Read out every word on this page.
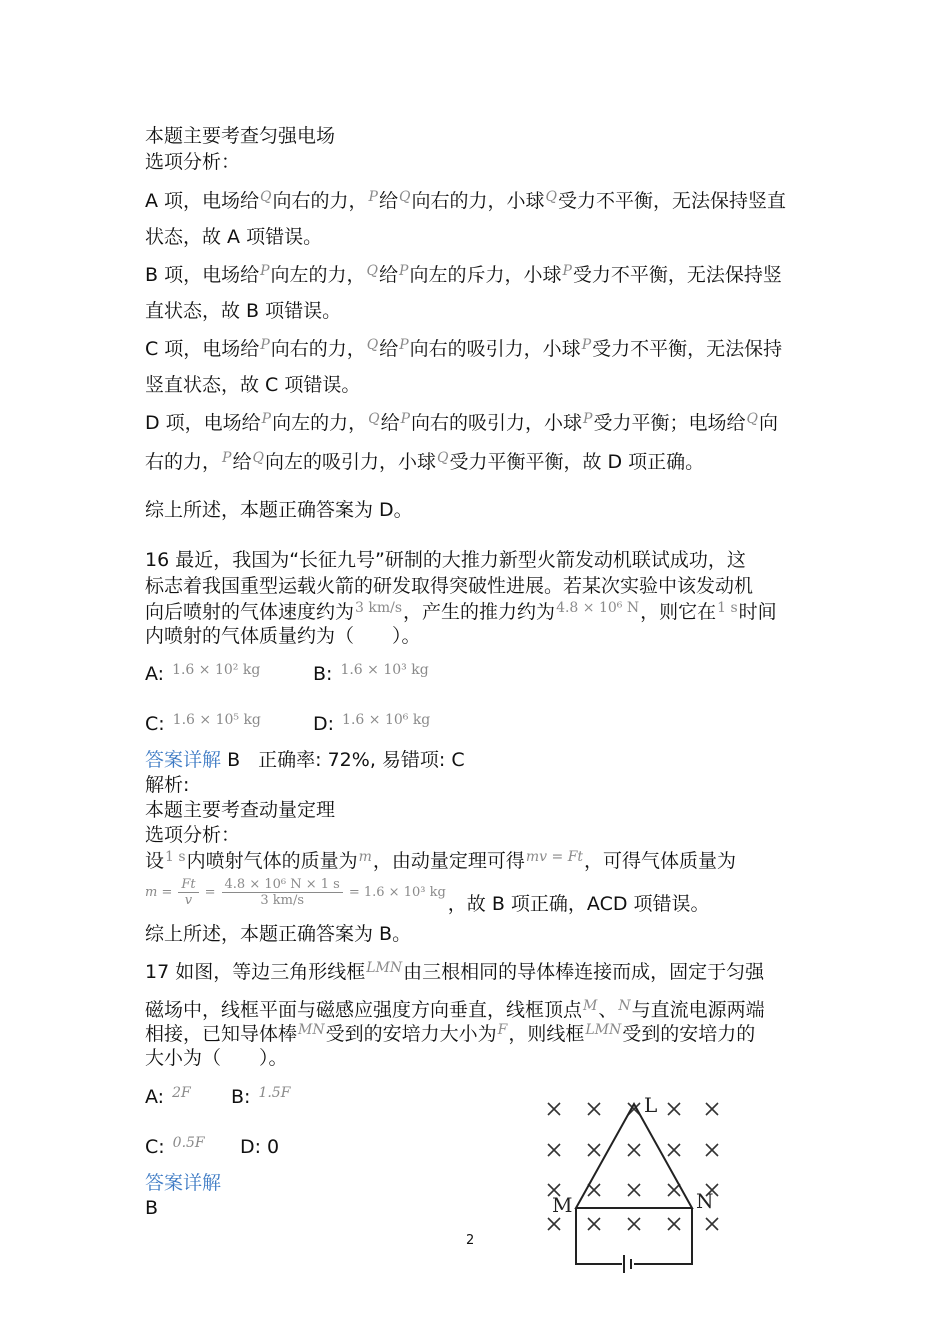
本题主要考查匀强电场
选项分析：
A 项，电场给$^Q$向右的力，$^P$给$^Q$向右的力，小球$^Q$受力不平衡，无法保持竖直
状态，故 A 项错误。
B 项，电场给$^P$向左的力，$^Q$给$^P$向左的斥力，小球$^P$受力不平衡，无法保持竖
直状态，故 B 项错误。
C 项，电场给$^P$向右的力，$^Q$给$^P$向右的吸引力，小球$^P$受力不平衡，无法保持
竖直状态，故 C 项错误。
D 项，电场给$^P$向左的力，$^Q$给$^P$向右的吸引力，小球$^P$受力平衡；电场给$^Q$向
右的力，$^P$给$^Q$向左的吸引力，小球$^Q$受力平衡平衡，故 D 项正确。
综上所述，本题正确答案为 D。
16 最近，我国为“长征九号”研制的大推力新型火箭发动机联试成功，这
标志着我国重型运载火箭的研发取得突破性进展。若某次实验中该发动机
向后喷射的气体速度约为$^{3 km/s}$，产生的推力约为$^{4.8 \times 10^6 N}$，则它在$^{1 s}$时间
内喷射的气体质量约为（　　）。
A: $^{1.6 \times 10^2 kg}$	B: $^{1.6 \times 10^3 kg}$
C: $^{1.6 \times 10^5 kg}$	D: $^{1.6 \times 10^6 kg}$
答案详解 B 正确率: 72%, 易错项: C
解析:
本题主要考查动量定理
选项分析：
设$^{1 s}$内喷射气体的质量为$^m$，由动量定理可得$^{mv = Ft}$，可得气体质量为
$m = \frac{Ft}{v} = \frac{\text{4.8 × 10⁶ N × 1 s}}{3 km/s} = 1.6 \times 10^3$ kg
，故 B 项正确，ACD 项错误。
综上所述，本题正确答案为 B。
17 如图，等边三角形线框$^{LMN}$由三根相同的导体棒连接而成，固定于匀强
磁场中，线框平面与磁感应强度方向垂直，线框顶点$^M$、$^N$与直流电源两端
相接，已知导体棒$^{MN}$受到的安培力大小为$^F$，则线框$^{LMN}$受到的安培力的
大小为（　　）。
A: $^{2F}$ B: $^{1.5F}$
C: $^{0.5F}$ D: 0
答案详解
B
L
M	N
2
